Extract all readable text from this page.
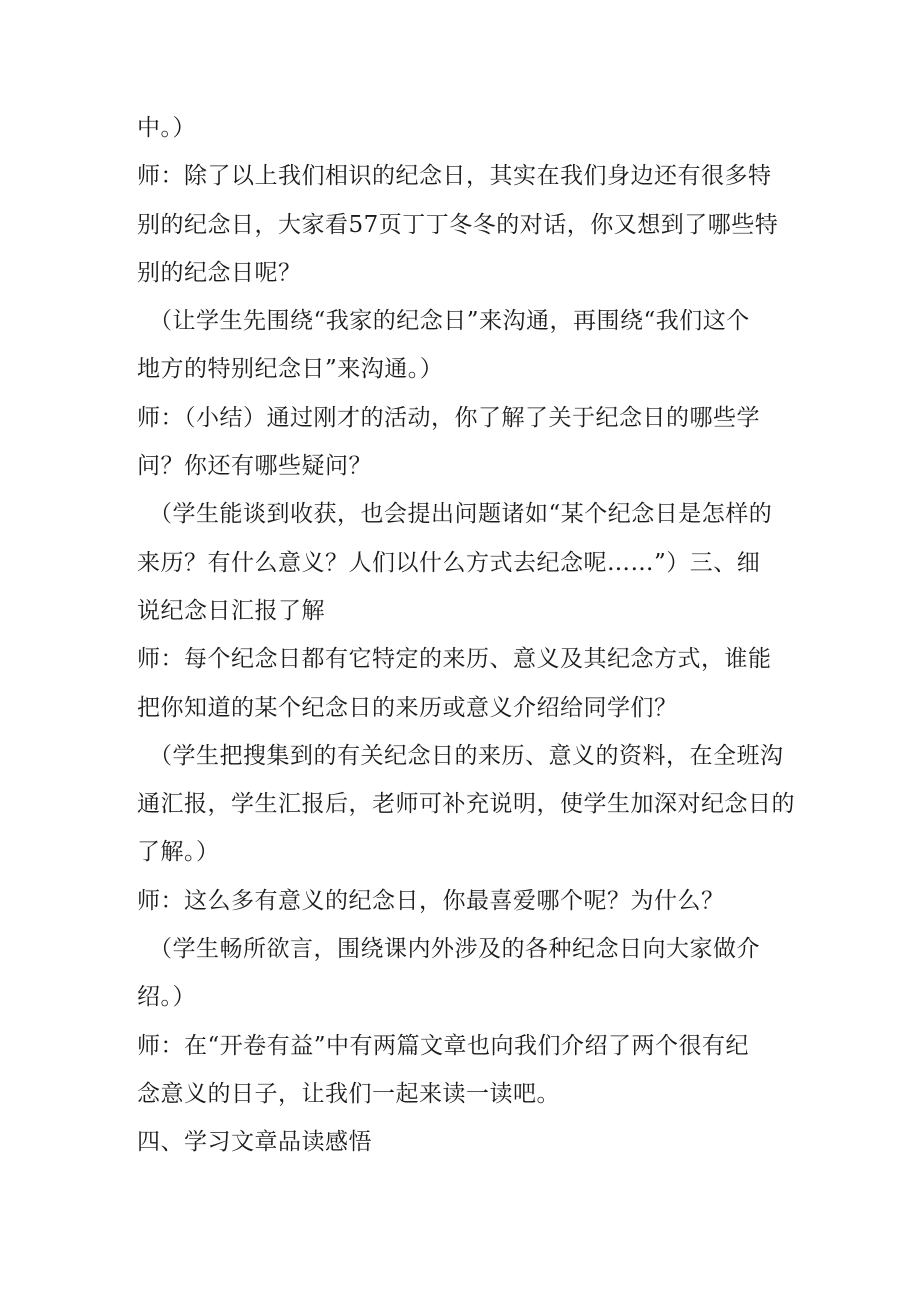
中。）
师：除了以上我们相识的纪念日，其实在我们身边还有很多特
别的纪念日，大家看57页丁丁冬冬的对话，你又想到了哪些特
别的纪念日呢？
（让学生先围绕“我家的纪念日”来沟通，再围绕“我们这个
地方的特别纪念日”来沟通。）
师：（小结）通过刚才的活动，你了解了关于纪念日的哪些学
问？你还有哪些疑问？
（学生能谈到收获，也会提出问题诸如“某个纪念日是怎样的
来历？有什么意义？人们以什么方式去纪念呢……”）三、细
说纪念日汇报了解
师：每个纪念日都有它特定的来历、意义及其纪念方式，谁能
把你知道的某个纪念日的来历或意义介绍给同学们？
（学生把搜集到的有关纪念日的来历、意义的资料，在全班沟
通汇报，学生汇报后，老师可补充说明，使学生加深对纪念日的
了解。）
师：这么多有意义的纪念日，你最喜爱哪个呢？为什么？
（学生畅所欲言，围绕课内外涉及的各种纪念日向大家做介
绍。）
师：在“开卷有益”中有两篇文章也向我们介绍了两个很有纪
念意义的日子，让我们一起来读一读吧。
四、学习文章品读感悟
